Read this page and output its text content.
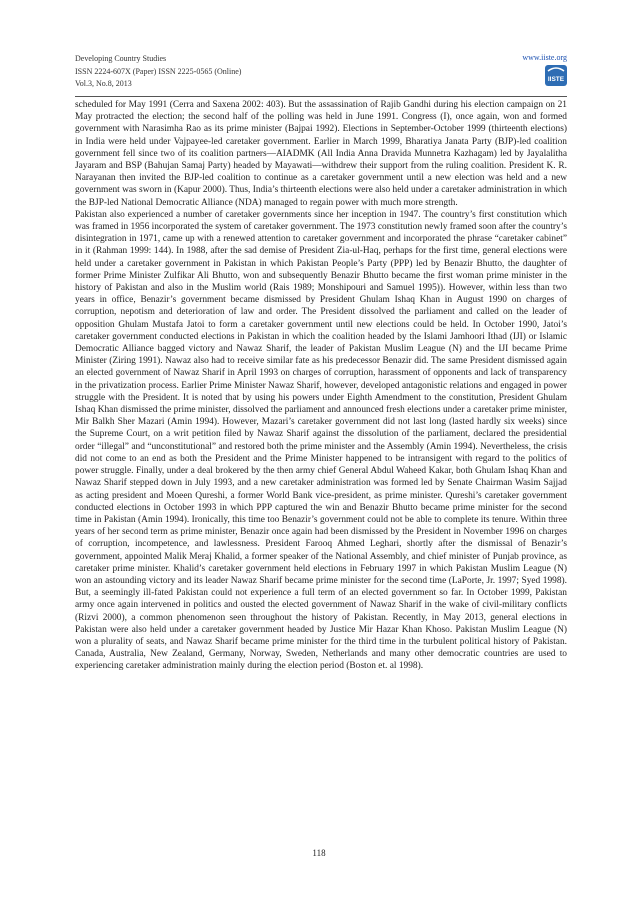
Developing Country Studies
ISSN 2224-607X (Paper) ISSN 2225-0565 (Online)
Vol.3, No.8, 2013
www.iiste.org
IISTE

scheduled for May 1991 (Cerra and Saxena 2002: 403). But the assassination of Rajib Gandhi during his election campaign on 21 May protracted the election; the second half of the polling was held in June 1991. Congress (I), once again, won and formed government with Narasimha Rao as its prime minister (Bajpai 1992). Elections in September-October 1999 (thirteenth elections) in India were held under Vajpayee-led caretaker government. Earlier in March 1999, Bharatiya Janata Party (BJP)-led coalition government fell since two of its coalition partners—AIADMK (All India Anna Dravida Munnetra Kazhagam) led by Jayalalitha Jayaram and BSP (Bahujan Samaj Party) headed by Mayawati—withdrew their support from the ruling coalition. President K. R. Narayanan then invited the BJP-led coalition to continue as a caretaker government until a new election was held and a new government was sworn in (Kapur 2000). Thus, India’s thirteenth elections were also held under a caretaker administration in which the BJP-led National Democratic Alliance (NDA) managed to regain power with much more strength.

Pakistan also experienced a number of caretaker governments since her inception in 1947. The country’s first constitution which was framed in 1956 incorporated the system of caretaker government. The 1973 constitution newly framed soon after the country’s disintegration in 1971, came up with a renewed attention to caretaker government and incorporated the phrase “caretaker cabinet” in it (Rahman 1999: 144). In 1988, after the sad demise of President Zia-ul-Haq, perhaps for the first time, general elections were held under a caretaker government in Pakistan in which Pakistan People’s Party (PPP) led by Benazir Bhutto, the daughter of former Prime Minister Zulfikar Ali Bhutto, won and subsequently Benazir Bhutto became the first woman prime minister in the history of Pakistan and also in the Muslim world (Rais 1989; Monshipouri and Samuel 1995)). However, within less than two years in office, Benazir’s government became dismissed by President Ghulam Ishaq Khan in August 1990 on charges of corruption, nepotism and deterioration of law and order. The President dissolved the parliament and called on the leader of opposition Ghulam Mustafa Jatoi to form a caretaker government until new elections could be held. In October 1990, Jatoi’s caretaker government conducted elections in Pakistan in which the coalition headed by the Islami Jamhoori Ithad (IJI) or Islamic Democratic Alliance bagged victory and Nawaz Sharif, the leader of Pakistan Muslim League (N) and the IJI became Prime Minister (Ziring 1991). Nawaz also had to receive similar fate as his predecessor Benazir did. The same President dismissed again an elected government of Nawaz Sharif in April 1993 on charges of corruption, harassment of opponents and lack of transparency in the privatization process. Earlier Prime Minister Nawaz Sharif, however, developed antagonistic relations and engaged in power struggle with the President. It is noted that by using his powers under Eighth Amendment to the constitution, President Ghulam Ishaq Khan dismissed the prime minister, dissolved the parliament and announced fresh elections under a caretaker prime minister, Mir Balkh Sher Mazari (Amin 1994). However, Mazari’s caretaker government did not last long (lasted hardly six weeks) since the Supreme Court, on a writ petition filed by Nawaz Sharif against the dissolution of the parliament, declared the presidential order “illegal” and “unconstitutional” and restored both the prime minister and the Assembly (Amin 1994). Nevertheless, the crisis did not come to an end as both the President and the Prime Minister happened to be intransigent with regard to the politics of power struggle. Finally, under a deal brokered by the then army chief General Abdul Waheed Kakar, both Ghulam Ishaq Khan and Nawaz Sharif stepped down in July 1993, and a new caretaker administration was formed led by Senate Chairman Wasim Sajjad as acting president and Moeen Qureshi, a former World Bank vice-president, as prime minister. Qureshi’s caretaker government conducted elections in October 1993 in which PPP captured the win and Benazir Bhutto became prime minister for the second time in Pakistan (Amin 1994). Ironically, this time too Benazir’s government could not be able to complete its tenure. Within three years of her second term as prime minister, Benazir once again had been dismissed by the President in November 1996 on charges of corruption, incompetence, and lawlessness. President Farooq Ahmed Leghari, shortly after the dismissal of Benazir’s government, appointed Malik Meraj Khalid, a former speaker of the National Assembly, and chief minister of Punjab province, as caretaker prime minister. Khalid’s caretaker government held elections in February 1997 in which Pakistan Muslim League (N) won an astounding victory and its leader Nawaz Sharif became prime minister for the second time (LaPorte, Jr. 1997; Syed 1998). But, a seemingly ill-fated Pakistan could not experience a full term of an elected government so far. In October 1999, Pakistan army once again intervened in politics and ousted the elected government of Nawaz Sharif in the wake of civil-military conflicts (Rizvi 2000), a common phenomenon seen throughout the history of Pakistan. Recently, in May 2013, general elections in Pakistan were also held under a caretaker government headed by Justice Mir Hazar Khan Khoso. Pakistan Muslim League (N) won a plurality of seats, and Nawaz Sharif became prime minister for the third time in the turbulent political history of Pakistan. Canada, Australia, New Zealand, Germany, Norway, Sweden, Netherlands and many other democratic countries are used to experiencing caretaker administration mainly during the election period (Boston et. al 1998).

118
